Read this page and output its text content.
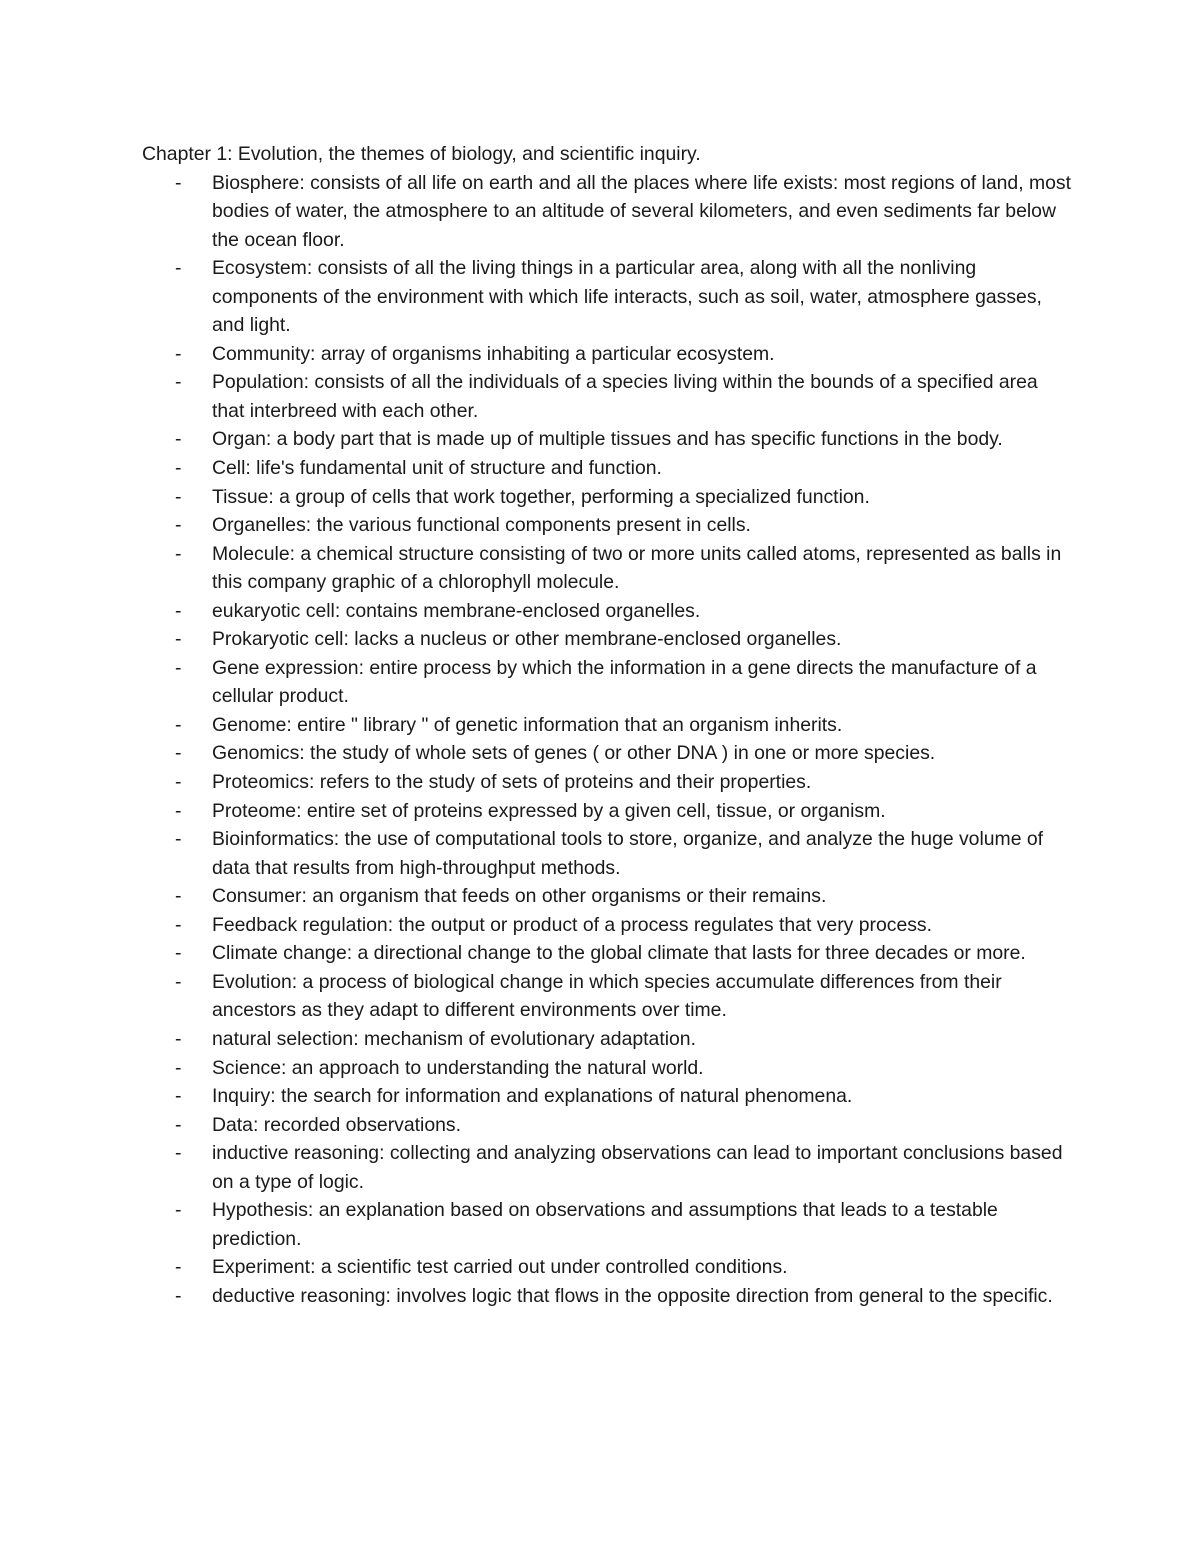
Chapter 1: Evolution, the themes of biology, and scientific inquiry.
- Biosphere: consists of all life on earth and all the places where life exists: most regions of land, most bodies of water, the atmosphere to an altitude of several kilometers, and even sediments far below the ocean floor.
- Ecosystem: consists of all the living things in a particular area, along with all the nonliving components of the environment with which life interacts, such as soil, water, atmosphere gasses, and light.
- Community: array of organisms inhabiting a particular ecosystem.
- Population: consists of all the individuals of a species living within the bounds of a specified area that interbreed with each other.
- Organ: a body part that is made up of multiple tissues and has specific functions in the body.
- Cell: life's fundamental unit of structure and function.
- Tissue: a group of cells that work together, performing a specialized function.
- Organelles: the various functional components present in cells.
- Molecule: a chemical structure consisting of two or more units called atoms, represented as balls in this company graphic of a chlorophyll molecule.
- eukaryotic cell: contains membrane-enclosed organelles.
- Prokaryotic cell: lacks a nucleus or other membrane-enclosed organelles.
- Gene expression: entire process by which the information in a gene directs the manufacture of a cellular product.
- Genome: entire " library " of genetic information that an organism inherits.
- Genomics: the study of whole sets of genes ( or other DNA ) in one or more species.
- Proteomics: refers to the study of sets of proteins and their properties.
- Proteome: entire set of proteins expressed by a given cell, tissue, or organism.
- Bioinformatics: the use of computational tools to store, organize, and analyze the huge volume of data that results from high-throughput methods.
- Consumer: an organism that feeds on other organisms or their remains.
- Feedback regulation: the output or product of a process regulates that very process.
- Climate change: a directional change to the global climate that lasts for three decades or more.
- Evolution: a process of biological change in which species accumulate differences from their ancestors as they adapt to different environments over time.
- natural selection: mechanism of evolutionary adaptation.
- Science: an approach to understanding the natural world.
- Inquiry: the search for information and explanations of natural phenomena.
- Data: recorded observations.
- inductive reasoning: collecting and analyzing observations can lead to important conclusions based on a type of logic.
- Hypothesis: an explanation based on observations and assumptions that leads to a testable prediction.
- Experiment: a scientific test carried out under controlled conditions.
- deductive reasoning: involves logic that flows in the opposite direction from general to the specific.
